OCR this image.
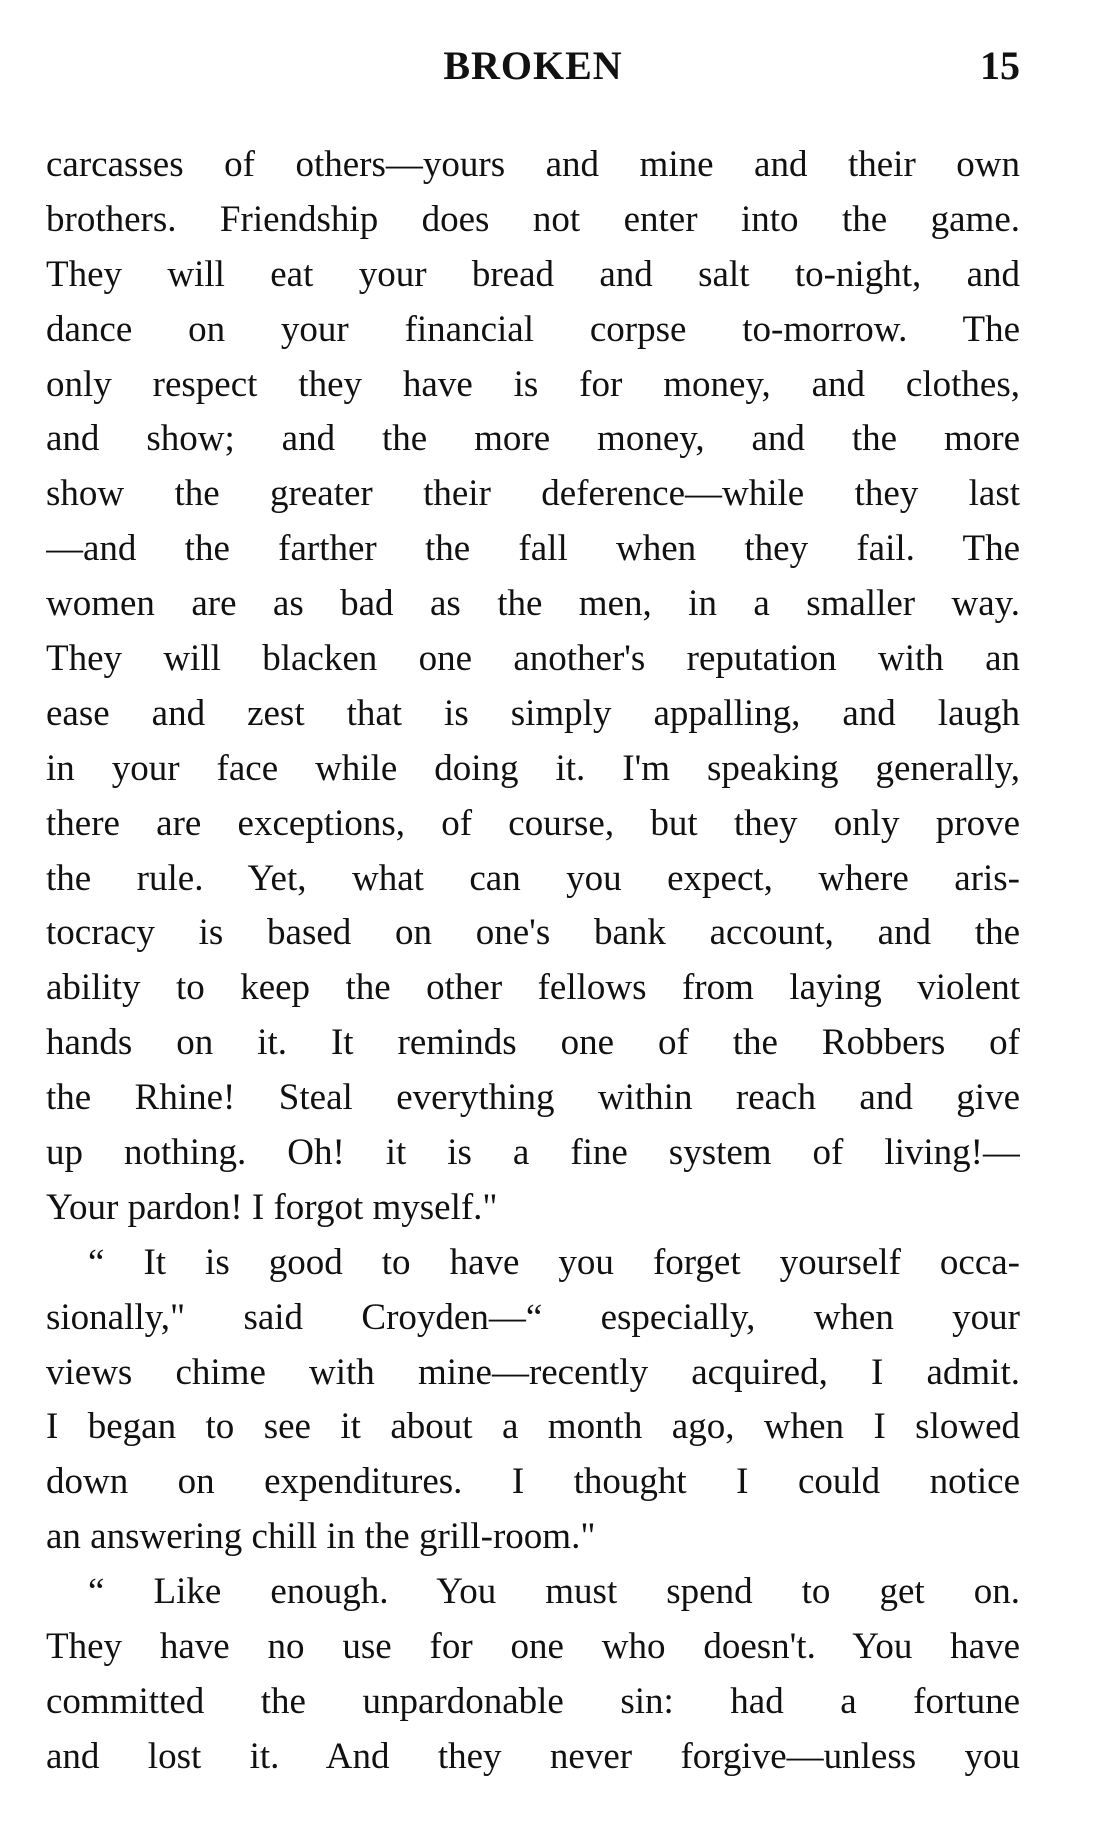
BROKEN	15
carcasses of others—yours and mine and their own
brothers. Friendship does not enter into the game.
They will eat your bread and salt to-night, and
dance on your financial corpse to-morrow. The
only respect they have is for money, and clothes,
and show; and the more money, and the more
show the greater their deference—while they last
—and the farther the fall when they fail. The
women are as bad as the men, in a smaller way.
They will blacken one another's reputation with an
ease and zest that is simply appalling, and laugh
in your face while doing it. I'm speaking generally,
there are exceptions, of course, but they only prove
the rule. Yet, what can you expect, where aris-
tocracy is based on one's bank account, and the
ability to keep the other fellows from laying violent
hands on it. It reminds one of the Robbers of
the Rhine! Steal everything within reach and give
up nothing. Oh! it is a fine system of living!—
Your pardon! I forgot myself."
“ It is good to have you forget yourself occa-
sionally," said Croyden—“ especially, when your
views chime with mine—recently acquired, I admit.
I began to see it about a month ago, when I slowed
down on expenditures. I thought I could notice
an answering chill in the grill-room."
“ Like enough. You must spend to get on.
They have no use for one who doesn't. You have
committed the unpardonable sin: had a fortune
and lost it. And they never forgive—unless you
